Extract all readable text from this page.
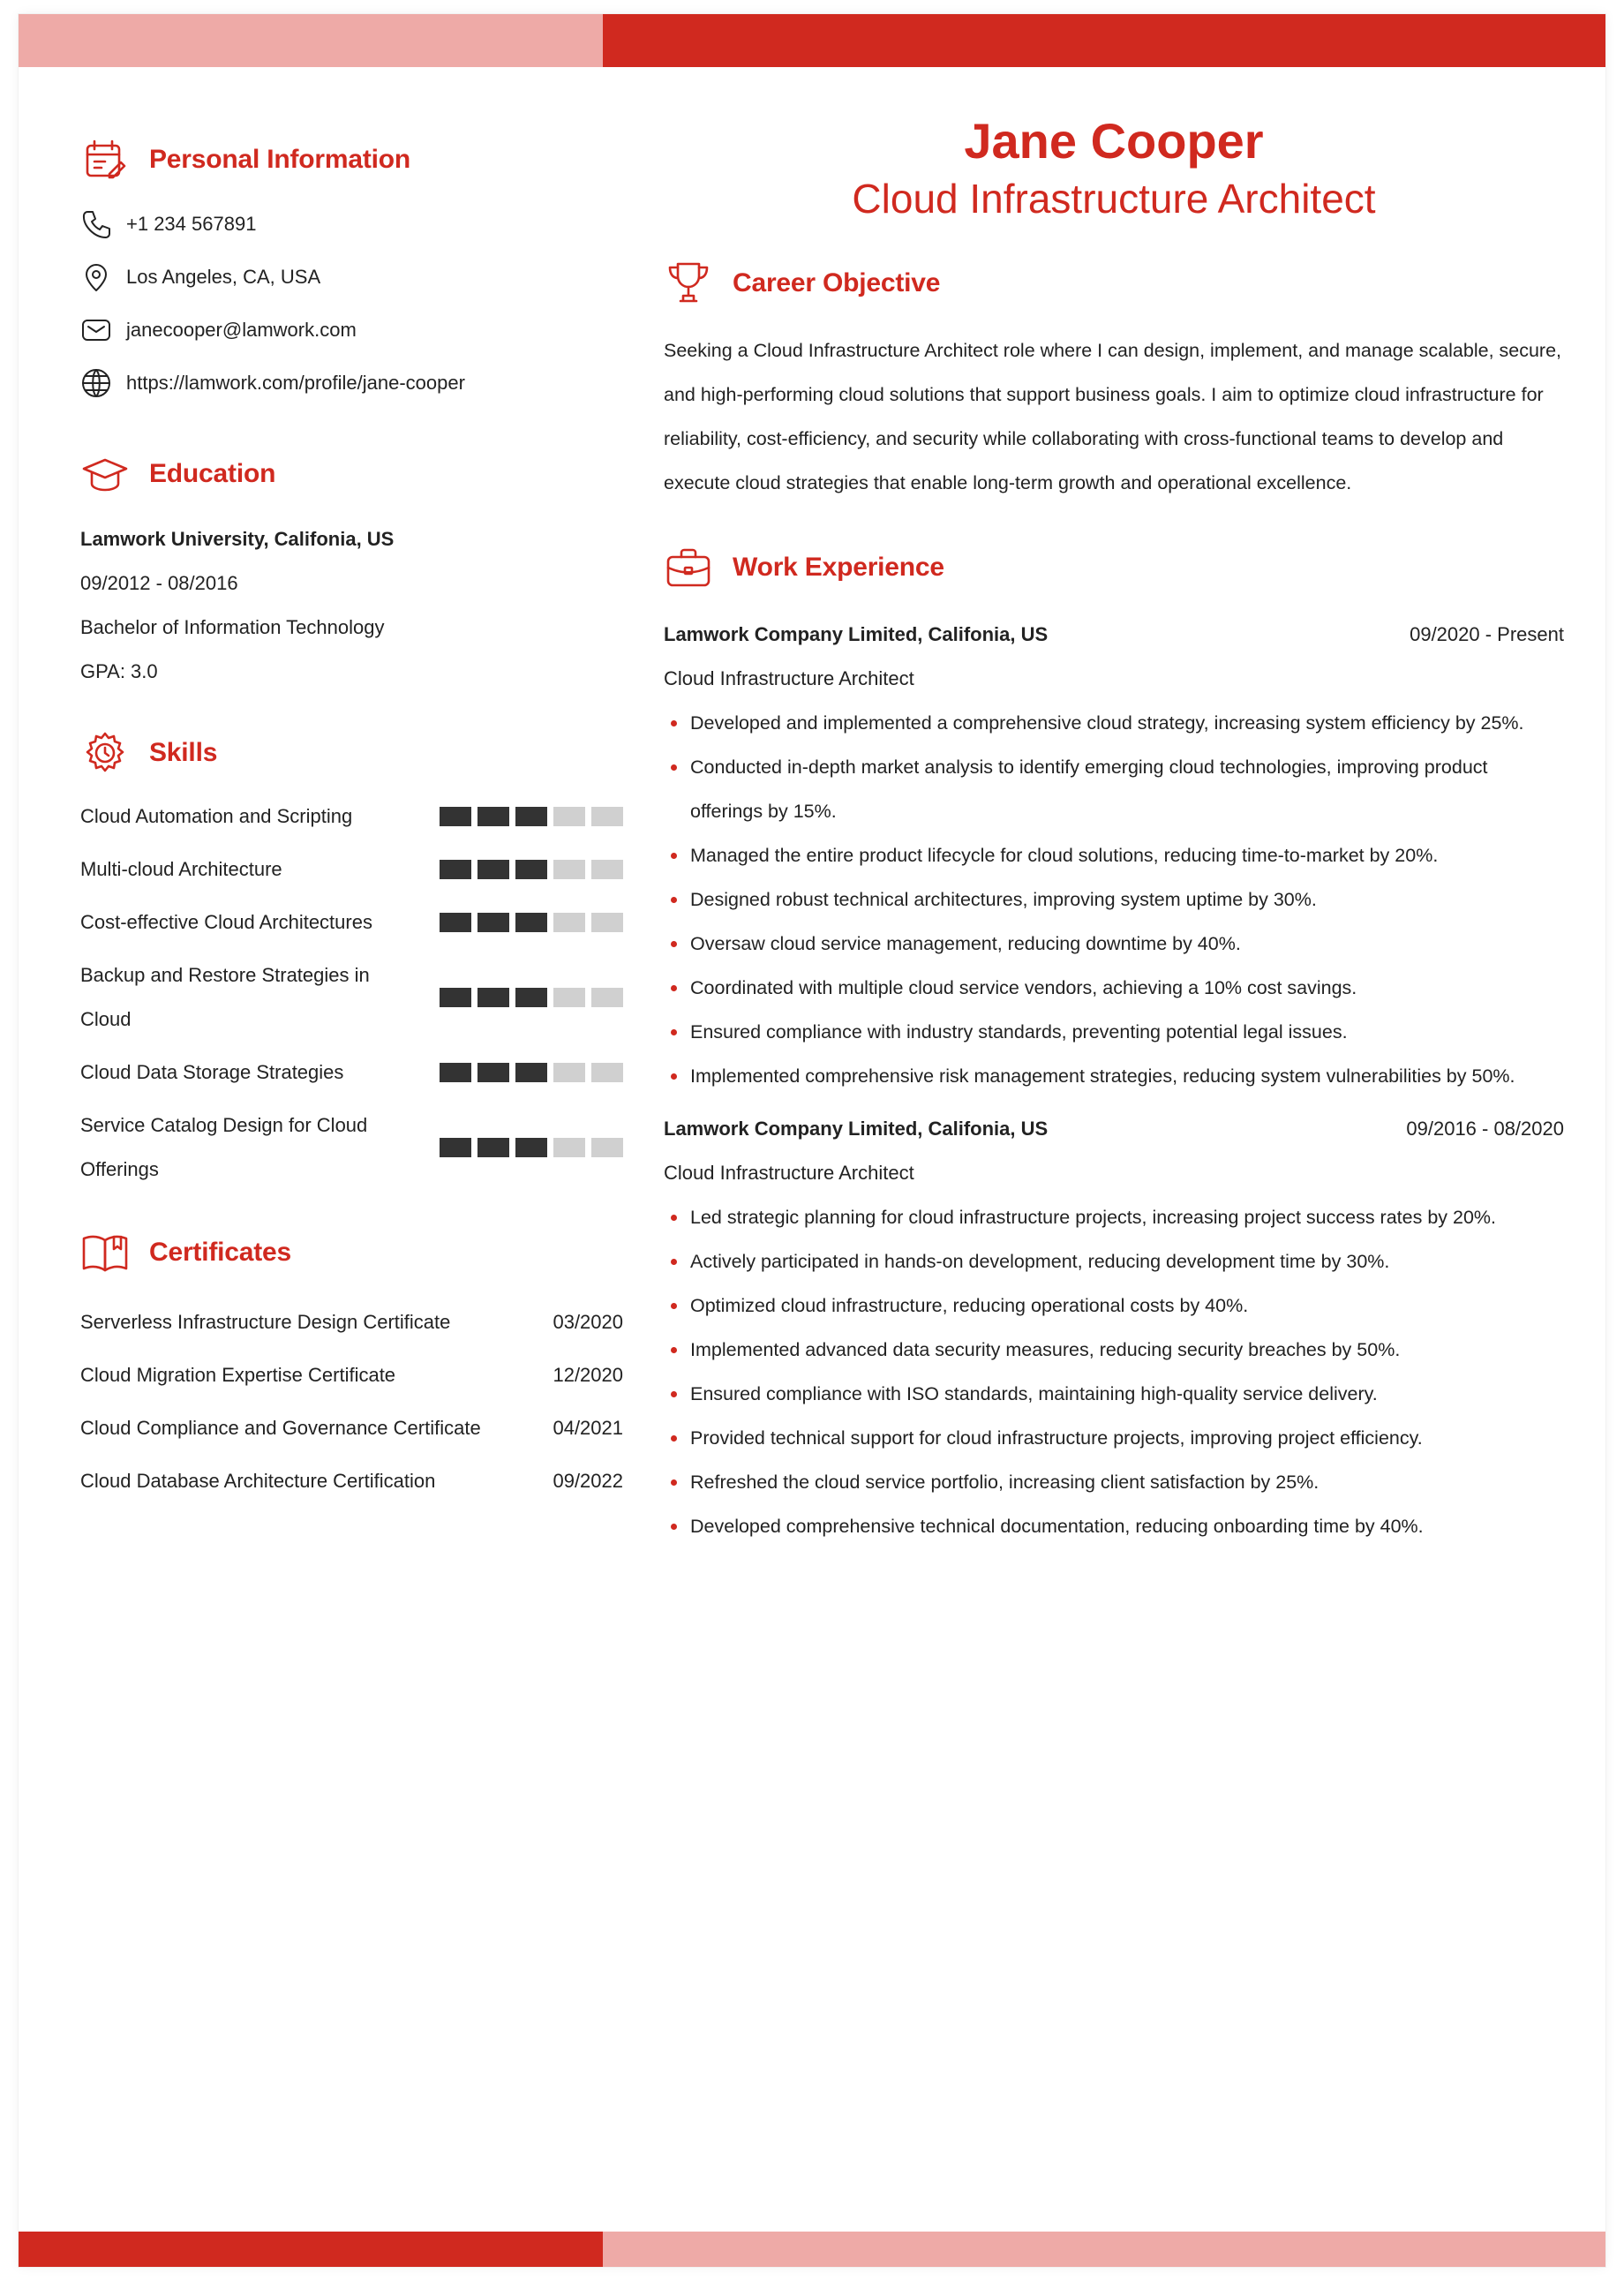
Personal Information
+1 234 567891
Los Angeles, CA, USA
janecooper@lamwork.com
https://lamwork.com/profile/jane-cooper
Education
Lamwork University, Califonia, US
09/2012 - 08/2016
Bachelor of Information Technology
GPA: 3.0
Skills
Cloud Automation and Scripting
Multi-cloud Architecture
Cost-effective Cloud Architectures
Backup and Restore Strategies in Cloud
Cloud Data Storage Strategies
Service Catalog Design for Cloud Offerings
Certificates
Serverless Infrastructure Design Certificate	03/2020
Cloud Migration Expertise Certificate	12/2020
Cloud Compliance and Governance Certificate	04/2021
Cloud Database Architecture Certification	09/2022
Jane Cooper
Cloud Infrastructure Architect
Career Objective

Seeking a Cloud Infrastructure Architect role where I can design, implement, and manage scalable, secure, and high-performing cloud solutions that support business goals. I aim to optimize cloud infrastructure for reliability, cost-efficiency, and security while collaborating with cross-functional teams to develop and execute cloud strategies that enable long-term growth and operational excellence.

Work Experience
Lamwork Company Limited, Califonia, US	09/2020 - Present
Cloud Infrastructure Architect
Developed and implemented a comprehensive cloud strategy, increasing system efficiency by 25%.
Conducted in-depth market analysis to identify emerging cloud technologies, improving product offerings by 15%.
Managed the entire product lifecycle for cloud solutions, reducing time-to-market by 20%.
Designed robust technical architectures, improving system uptime by 30%.
Oversaw cloud service management, reducing downtime by 40%.
Coordinated with multiple cloud service vendors, achieving a 10% cost savings.
Ensured compliance with industry standards, preventing potential legal issues.
Implemented comprehensive risk management strategies, reducing system vulnerabilities by 50%.
Lamwork Company Limited, Califonia, US	09/2016 - 08/2020
Cloud Infrastructure Architect
Led strategic planning for cloud infrastructure projects, increasing project success rates by 20%.
Actively participated in hands-on development, reducing development time by 30%.
Optimized cloud infrastructure, reducing operational costs by 40%.
Implemented advanced data security measures, reducing security breaches by 50%.
Ensured compliance with ISO standards, maintaining high-quality service delivery.
Provided technical support for cloud infrastructure projects, improving project efficiency.
Refreshed the cloud service portfolio, increasing client satisfaction by 25%.
Developed comprehensive technical documentation, reducing onboarding time by 40%.
